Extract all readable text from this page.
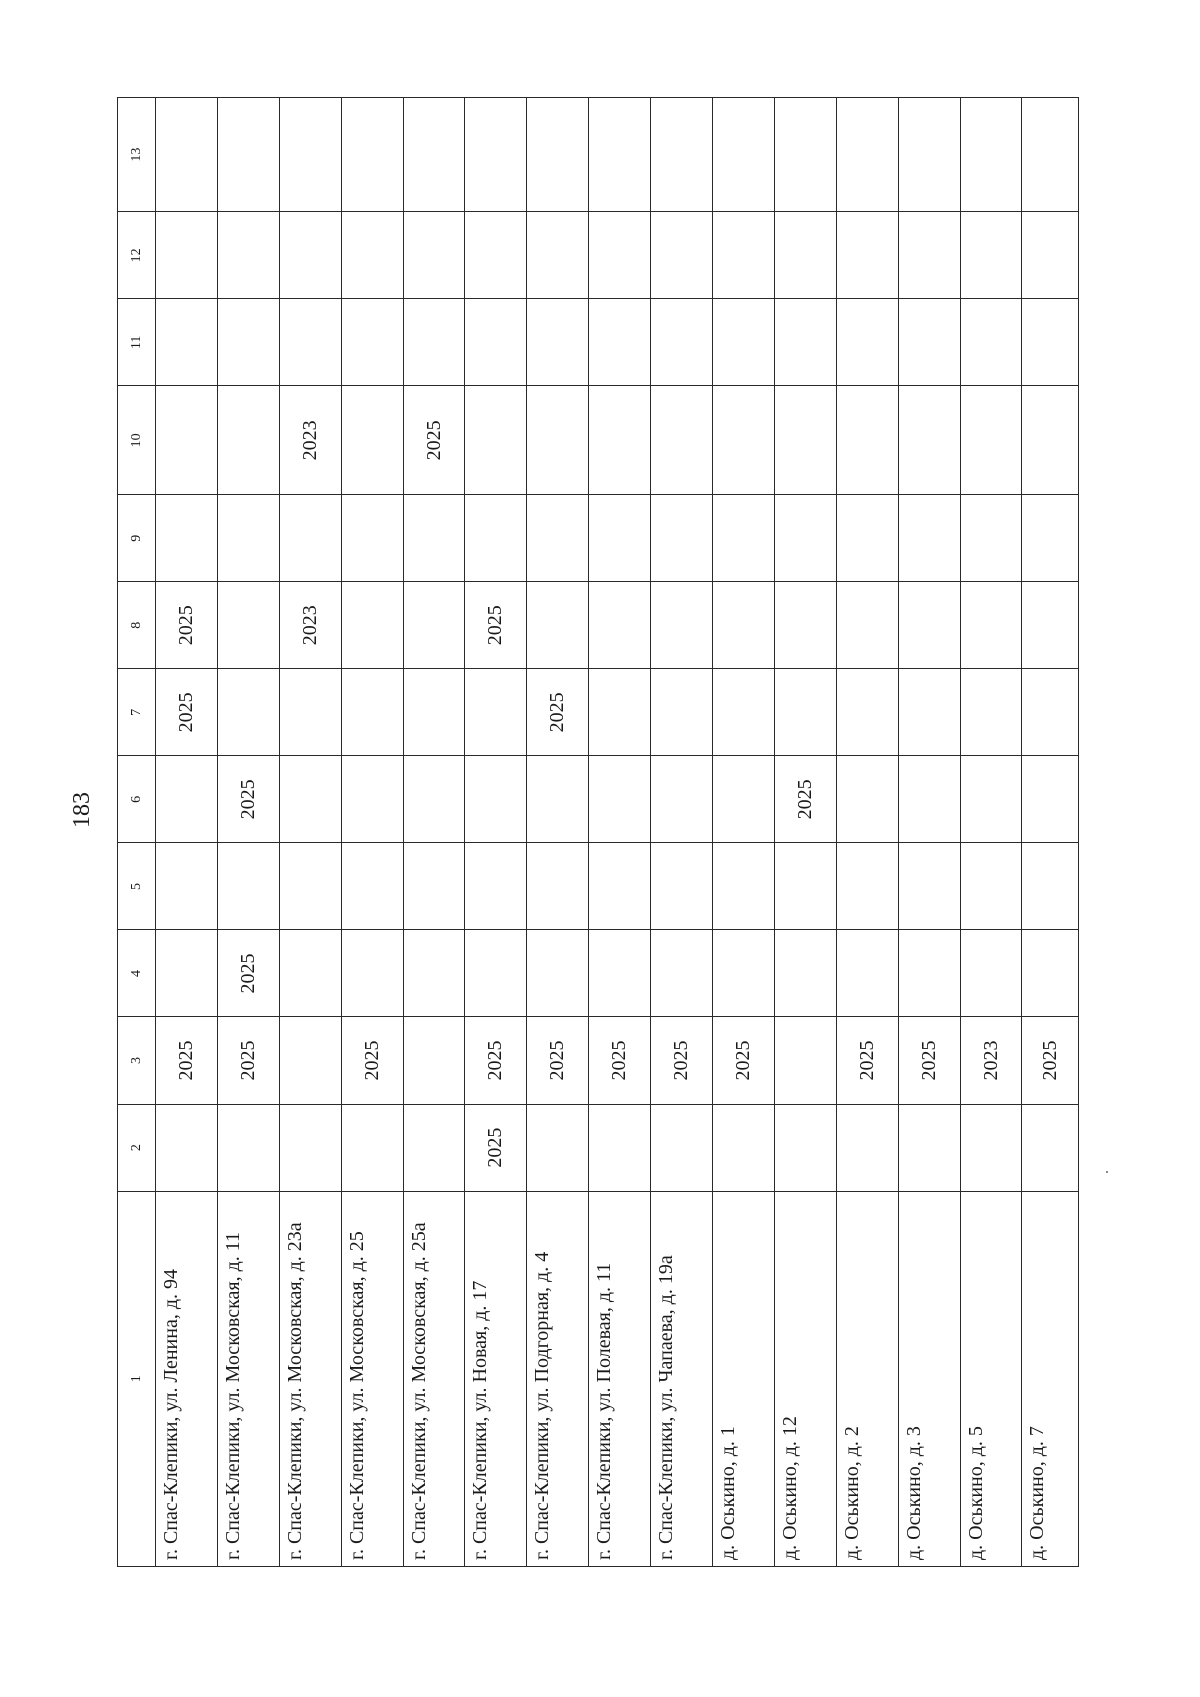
183
1	2	3	4	5	6	7	8	9	10	11	12	13
г. Спас-Клепики, ул. Ленина, д. 94		2025				2025	2025					
г. Спас-Клепики, ул. Московская, д. 11		2025	2025		2025							
г. Спас-Клепики, ул. Московская, д. 23а							2023		2023			
г. Спас-Клепики, ул. Московская, д. 25		2025										
г. Спас-Клепики, ул. Московская, д. 25а									2025			
г. Спас-Клепики, ул. Новая, д. 17	2025	2025					2025					
г. Спас-Клепики, ул. Подгорная, д. 4		2025				2025						
г. Спас-Клепики, ул. Полевая, д. 11		2025										
г. Спас-Клепики, ул. Чапаева, д. 19а		2025										
д. Оськино, д. 1		2025										
д. Оськино, д. 12					2025							
д. Оськино, д. 2		2025										
д. Оськино, д. 3		2025										
д. Оськино, д. 5		2023										
д. Оськино, д. 7		2025										
